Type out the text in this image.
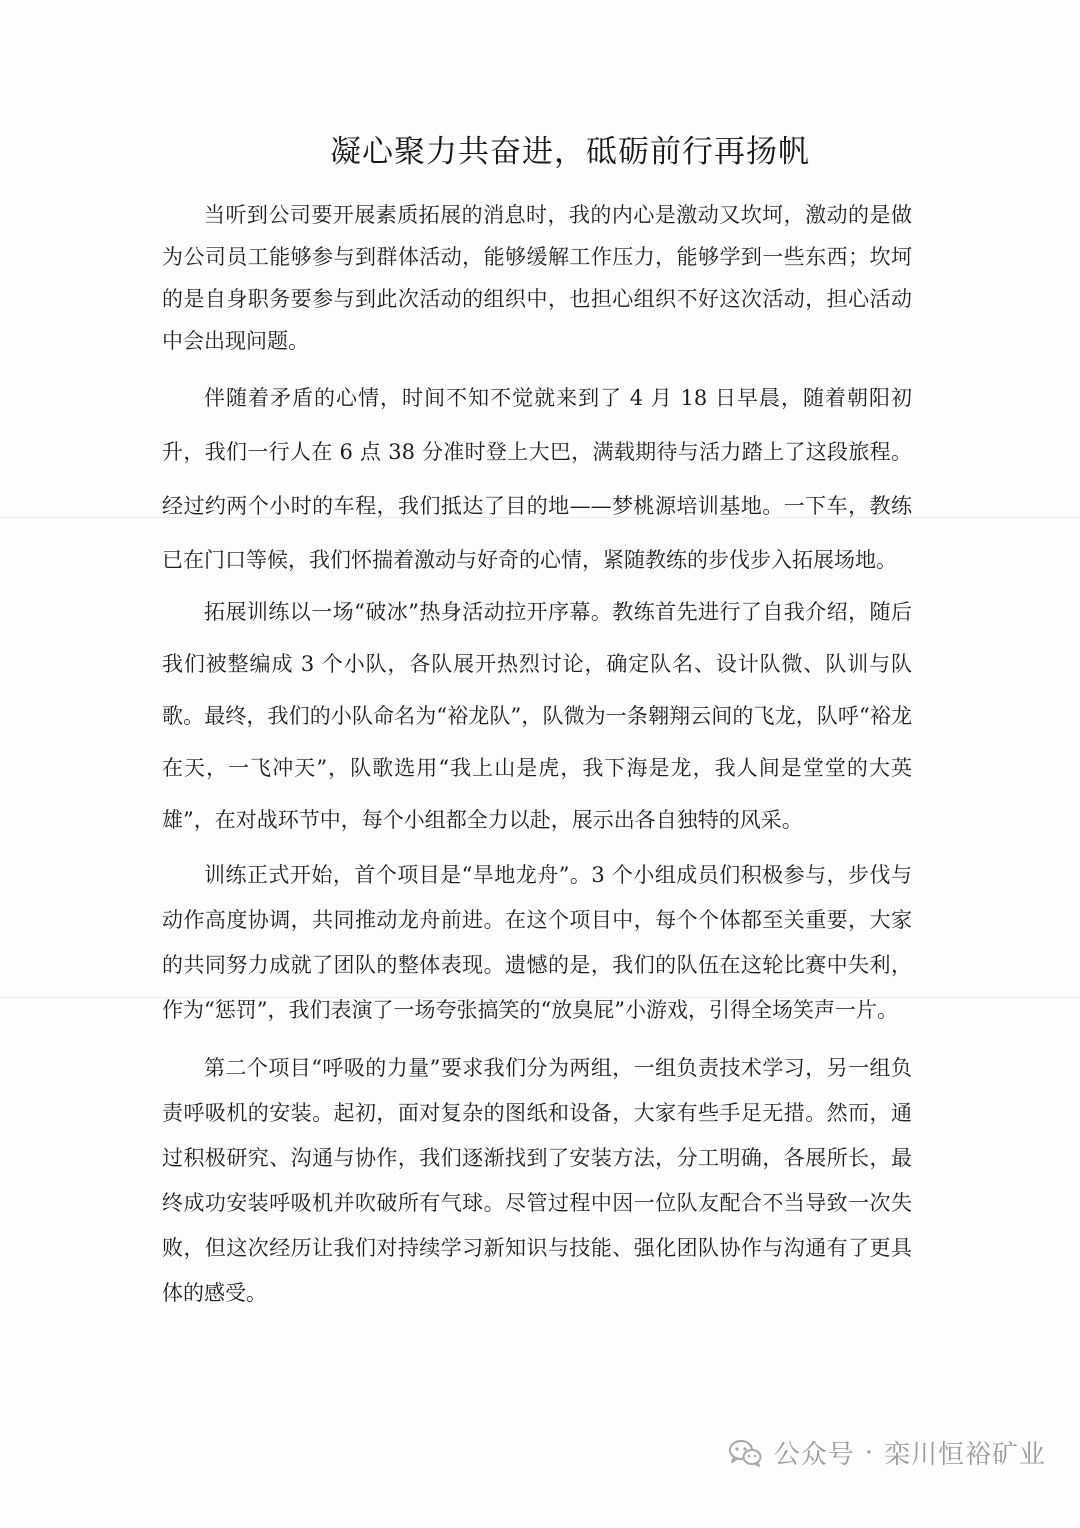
凝心聚力共奋进，砥砺前行再扬帆

当听到公司要开展素质拓展的消息时，我的内心是激动又坎坷，激动的是做为公司员工能够参与到群体活动，能够缓解工作压力，能够学到一些东西；坎坷的是自身职务要参与到此次活动的组织中，也担心组织不好这次活动，担心活动中会出现问题。

伴随着矛盾的心情，时间不知不觉就来到了 4 月 18 日早晨，随着朝阳初升，我们一行人在 6 点 38 分准时登上大巴，满载期待与活力踏上了这段旅程。经过约两个小时的车程，我们抵达了目的地——梦桃源培训基地。一下车，教练已在门口等候，我们怀揣着激动与好奇的心情，紧随教练的步伐步入拓展场地。

拓展训练以一场“破冰”热身活动拉开序幕。教练首先进行了自我介绍，随后我们被整编成 3 个小队，各队展开热烈讨论，确定队名、设计队微、队训与队歌。最终，我们的小队命名为“裕龙队”，队微为一条翱翔云间的飞龙，队呼“裕龙在天，一飞冲天”，队歌选用“我上山是虎，我下海是龙，我人间是堂堂的大英雄”，在对战环节中，每个小组都全力以赴，展示出各自独特的风采。

训练正式开始，首个项目是“旱地龙舟”。3 个小组成员们积极参与，步伐与动作高度协调，共同推动龙舟前进。在这个项目中，每个个体都至关重要，大家的共同努力成就了团队的整体表现。遗憾的是，我们的队伍在这轮比赛中失利，作为“惩罚”，我们表演了一场夸张搞笑的“放臭屁”小游戏，引得全场笑声一片。

第二个项目“呼吸的力量”要求我们分为两组，一组负责技术学习，另一组负责呼吸机的安装。起初，面对复杂的图纸和设备，大家有些手足无措。然而，通过积极研究、沟通与协作，我们逐渐找到了安装方法，分工明确，各展所长，最终成功安装呼吸机并吹破所有气球。尽管过程中因一位队友配合不当导致一次失败，但这次经历让我们对持续学习新知识与技能、强化团队协作与沟通有了更具体的感受。

公众号 · 栾川恒裕矿业
